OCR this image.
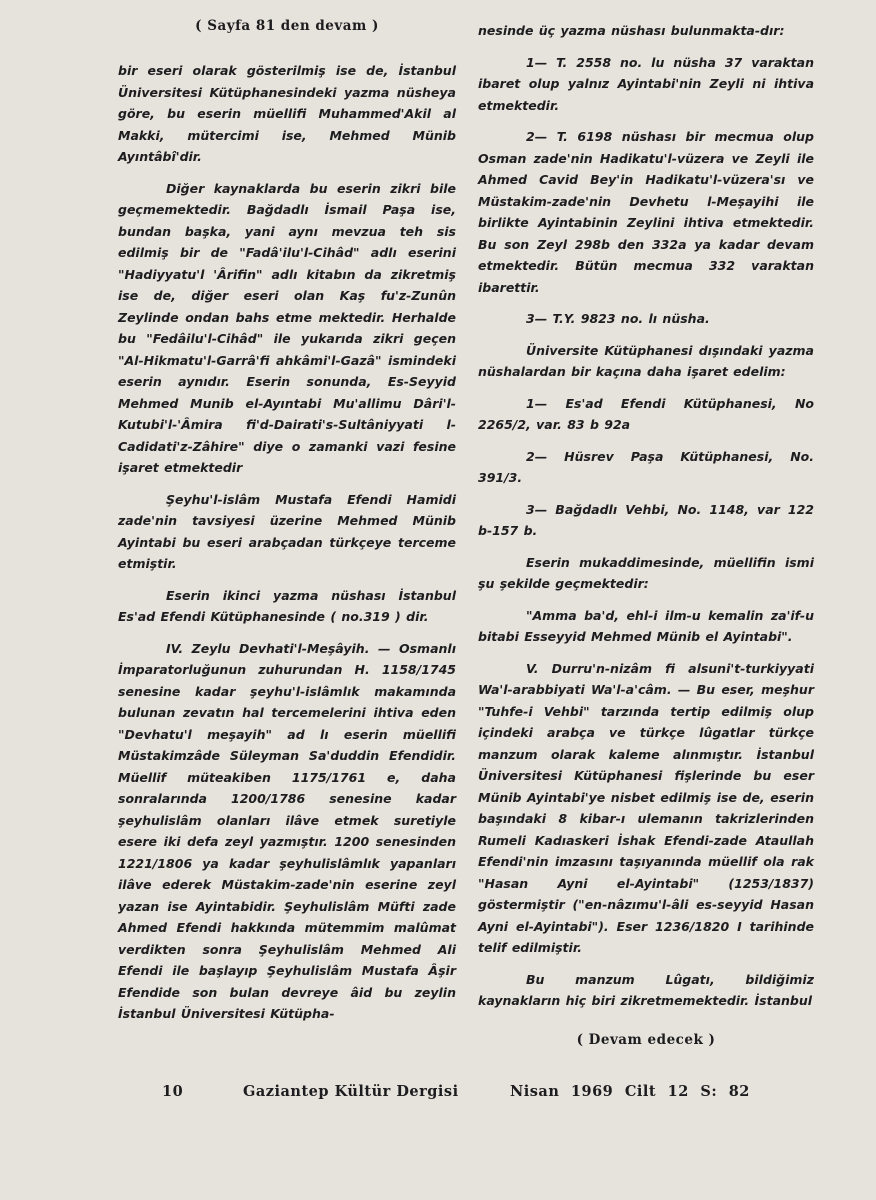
( Sayfa 81 den devam )

bir eseri olarak gösterilmiş ise de, İstanbul Üniversitesi Kütüphanesindeki yazma nüsheya göre, bu eserin müellifi Muhammed'Akil al Makki, mütercimi ise, Mehmed Münib Ayıntâbî'dir.

Diğer kaynaklarda bu eserin zikri bile geçmemektedir. Bağdadlı İsmail Paşa ise, bundan başka, yani aynı mevzua teh sis edilmiş bir de "Fadâ'ilu'l-Cihâd" adlı eserini "Hadiyyatu'l 'Ârifin" adlı kitabın da zikretmiş ise de, diğer eseri olan Kaş fu'z-Zunûn Zeylinde ondan bahs etme mektedir. Herhalde bu "Fedâilu'l-Cihâd" ile yukarıda zikri geçen "Al-Hikmatu'l-Garrâ'fi ahkâmi'l-Gazâ" ismindeki eserin aynıdır. Eserin sonunda, Es-Seyyid Mehmed Munib el-Ayıntabi Mu'allimu Dâri'l-Kutubi'l-'Âmira fi'd-Dairati's-Sultâniyyati l-Cadidati'z-Zâhire" diye o zamanki vazi fesine işaret etmektedir

Şeyhu'l-islâm Mustafa Efendi Hamidi zade'nin tavsiyesi üzerine Mehmed Münib Ayintabi bu eseri arabçadan türkçeye terceme etmiştir.

Eserin ikinci yazma nüshası İstanbul Es'ad Efendi Kütüphanesinde ( no.319 ) dir.

IV. Zeylu Devhati'l-Meşâyih. — Osmanlı İmparatorluğunun zuhurundan H. 1158/1745 senesine kadar şeyhu'l-islâmlık makamında bulunan zevatın hal tercemelerini ihtiva eden "Devhatu'l meşayih" ad lı eserin müellifi Müstakimzâde Süleyman Sa'duddin Efendidir. Müellif müteakiben 1175/1761 e, daha sonralarında 1200/1786 senesine kadar şeyhulislâm olanları ilâve etmek suretiyle esere iki defa zeyl yazmıştır. 1200 senesinden 1221/1806 ya kadar şeyhulislâmlık yapanları ilâve ederek Müstakim-zade'nin eserine zeyl yazan ise Ayintabidir. Şeyhulislâm Müfti zade Ahmed Efendi hakkında mütemmim malûmat verdikten sonra Şeyhulislâm Mehmed Ali Efendi ile başlayıp Şeyhulislâm Mustafa Âşir Efendide son bulan devreye âid bu zeylin İstanbul Üniversitesi Kütüpha-

nesinde üç yazma nüshası bulunmakta-dır:

1— T. 2558 no. lu nüsha 37 varaktan ibaret olup yalnız Ayintabi'nin Zeyli ni ihtiva etmektedir.

2— T. 6198 nüshası bir mecmua olup Osman zade'nin Hadikatu'l-vüzera ve Zeyli ile Ahmed Cavid Bey'in Hadikatu'l-vüzera'sı ve Müstakim-zade'nin Devhetu l-Meşayihi ile birlikte Ayintabinin Zeylini ihtiva etmektedir. Bu son Zeyl 298b den 332a ya kadar devam etmektedir. Bütün mecmua 332 varaktan ibarettir.

3— T.Y. 9823 no. lı nüsha.

Üniversite Kütüphanesi dışındaki yazma nüshalardan bir kaçına daha işaret edelim:

1— Es'ad Efendi Kütüphanesi, No 2265/2, var. 83 b 92a

2— Hüsrev Paşa Kütüphanesi, No. 391/3.

3— Bağdadlı Vehbi, No. 1148, var 122 b-157 b.

Eserin mukaddimesinde, müellifin ismi şu şekilde geçmektedir:

"Amma ba'd, ehl-i ilm-u kemalin za'if-u bitabi Esseyyid Mehmed Münib el Ayintabi".

V. Durru'n-nizâm fi alsuni't-turkiyyati Wa'l-arabbiyati Wa'l-a'câm. — Bu eser, meşhur "Tuhfe-i Vehbi" tarzında tertip edilmiş olup içindeki arabça ve türkçe lûgatlar türkçe manzum olarak kaleme alınmıştır. İstanbul Üniversitesi Kütüphanesi fişlerinde bu eser Münib Ayintabi'ye nisbet edilmiş ise de, eserin başındaki 8 kibar-ı ulemanın takrizlerinden Rumeli Kadıaskeri İshak Efendi-zade Ataullah Efendi'nin imzasını taşıyanında müellif ola rak "Hasan Ayni el-Ayintabi" (1253/1837) göstermiştir ("en-nâzımu'l-âli es-seyyid Hasan Ayni el-Ayintabi"). Eser 1236/1820 I tarihinde telif edilmiştir.

Bu manzum Lûgatı, bildiğimiz kaynakların hiç biri zikretmemektedir. İstanbul

( Devam edecek )
10	Gaziantep Kültür Dergisi	Nisan 1969 Cilt 12 S: 82
